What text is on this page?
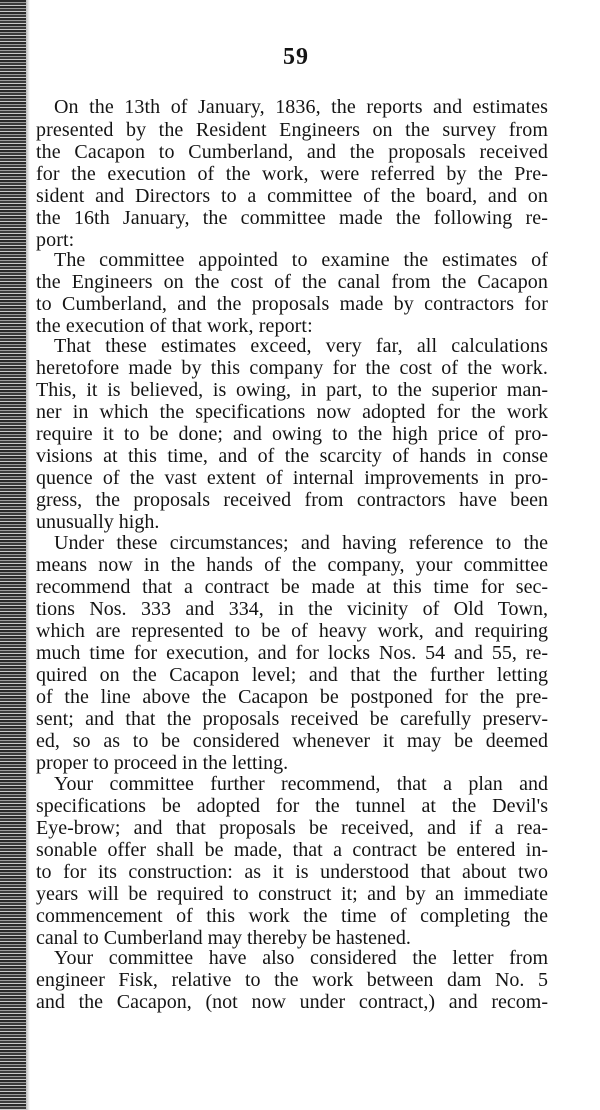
59
On the 13th of January, 1836, the reports and estimates
presented by the Resident Engineers on the survey from
the Cacapon to Cumberland, and the proposals received
for the execution of the work, were referred by the Pre-
sident and Directors to a committee of the board, and on
the 16th January, the committee made the following re-
port:
The committee appointed to examine the estimates of
the Engineers on the cost of the canal from the Cacapon
to Cumberland, and the proposals made by contractors for
the execution of that work, report:
That these estimates exceed, very far, all calculations
heretofore made by this company for the cost of the work.
This, it is believed, is owing, in part, to the superior man-
ner in which the specifications now adopted for the work
require it to be done; and owing to the high price of pro-
visions at this time, and of the scarcity of hands in conse
quence of the vast extent of internal improvements in pro-
gress, the proposals received from contractors have been
unusually high.
Under these circumstances; and having reference to the
means now in the hands of the company, your committee
recommend that a contract be made at this time for sec-
tions Nos. 333 and 334, in the vicinity of Old Town,
which are represented to be of heavy work, and requiring
much time for execution, and for locks Nos. 54 and 55, re-
quired on the Cacapon level; and that the further letting
of the line above the Cacapon be postponed for the pre-
sent; and that the proposals received be carefully preserv-
ed, so as to be considered whenever it may be deemed
proper to proceed in the letting.
Your committee further recommend, that a plan and
specifications be adopted for the tunnel at the Devil's
Eye-brow; and that proposals be received, and if a rea-
sonable offer shall be made, that a contract be entered in-
to for its construction: as it is understood that about two
years will be required to construct it; and by an immediate
commencement of this work the time of completing the
canal to Cumberland may thereby be hastened.
Your committee have also considered the letter from
engineer Fisk, relative to the work between dam No. 5
and the Cacapon, (not now under contract,) and recom-
